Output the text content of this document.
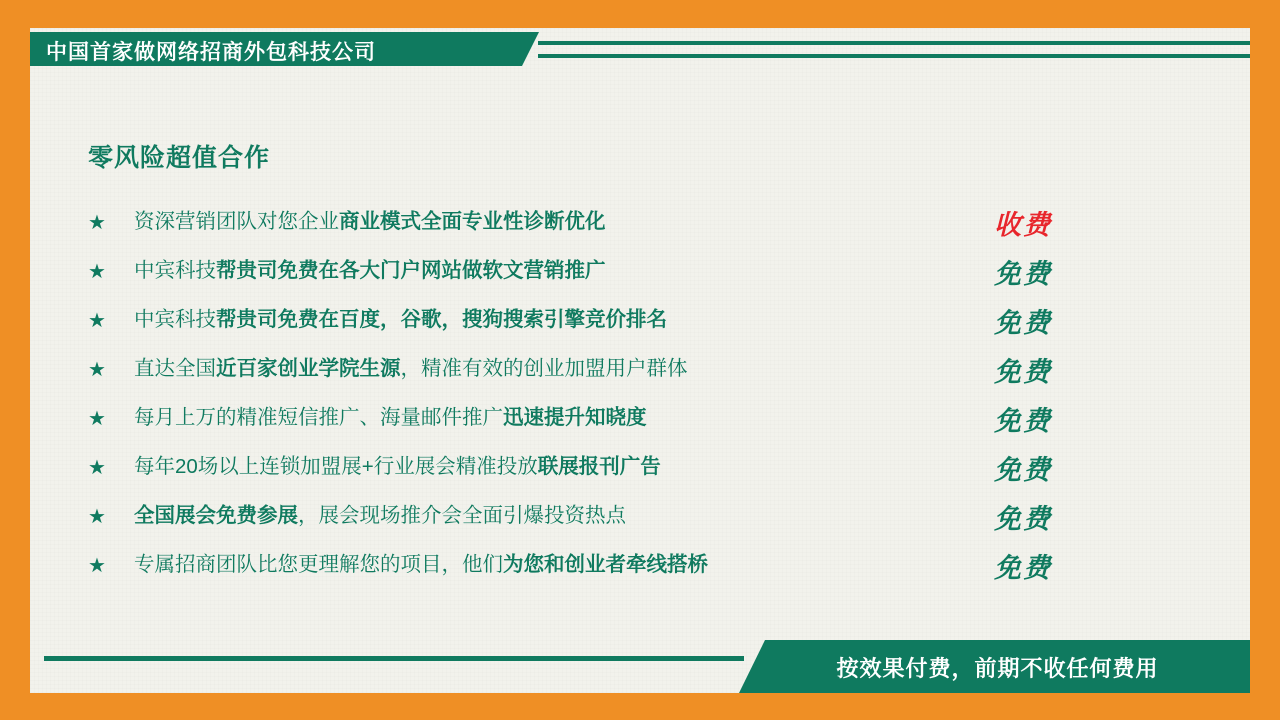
中国首家做网络招商外包科技公司
零风险超值合作
★	资深营销团队对您企业商业模式全面专业性诊断优化	收费
★	中宾科技帮贵司免费在各大门户网站做软文营销推广	免费
★	中宾科技帮贵司免费在百度，谷歌，搜狗搜索引擎竞价排名	免费
★	直达全国近百家创业学院生源，精准有效的创业加盟用户群体	免费
★	每月上万的精准短信推广、海量邮件推广迅速提升知晓度	免费
★	每年20场以上连锁加盟展+行业展会精准投放联展报刊广告	免费
★	全国展会免费参展，展会现场推介会全面引爆投资热点	免费
★	专属招商团队比您更理解您的项目，他们为您和创业者牵线搭桥	免费
按效果付费，前期不收任何费用
